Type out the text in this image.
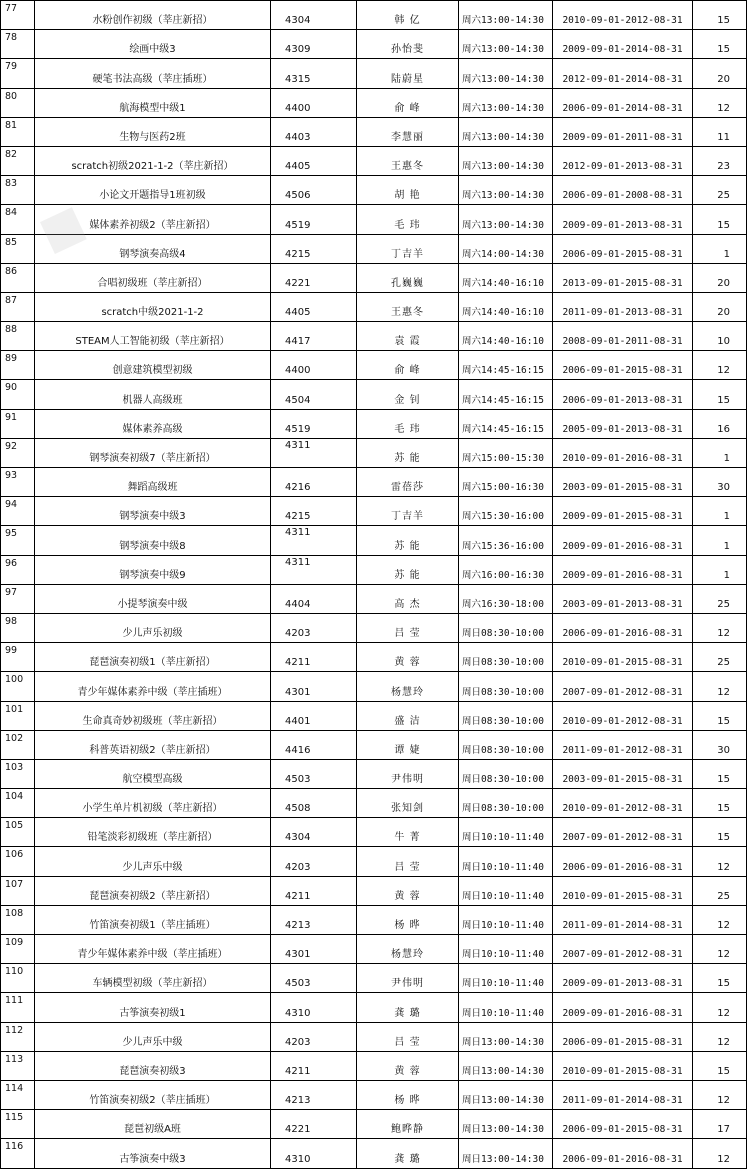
77	水粉创作初级（莘庄新招）	4304	韩 亿	周六13:00-14:30	2010-09-01-2012-08-31	15
78	绘画中级3	4309	孙怡斐	周六13:00-14:30	2009-09-01-2014-08-31	15
79	硬笔书法高级（莘庄插班）	4315	陆蔚星	周六13:00-14:30	2012-09-01-2014-08-31	20
80	航海模型中级1	4400	俞 峰	周六13:00-14:30	2006-09-01-2014-08-31	12
81	生物与医药2班	4403	李慧丽	周六13:00-14:30	2009-09-01-2011-08-31	11
82	scratch初级2021-1-2（莘庄新招）	4405	王惠冬	周六13:00-14:30	2012-09-01-2013-08-31	23
83	小论文开题指导1班初级	4506	胡 艳	周六13:00-14:30	2006-09-01-2008-08-31	25
84	媒体素养初级2（莘庄新招）	4519	毛 玮	周六13:00-14:30	2009-09-01-2013-08-31	15
85	钢琴演奏高级4	4215	丁吉羊	周六14:00-14:30	2006-09-01-2015-08-31	1
86	合唱初级班（莘庄新招）	4221	孔巍巍	周六14:40-16:10	2013-09-01-2015-08-31	20
87	scratch中级2021-1-2	4405	王惠冬	周六14:40-16:10	2011-09-01-2013-08-31	20
88	STEAM人工智能初级（莘庄新招）	4417	袁 霞	周六14:40-16:10	2008-09-01-2011-08-31	10
89	创意建筑模型初级	4400	俞 峰	周六14:45-16:15	2006-09-01-2015-08-31	12
90	机器人高级班	4504	金 钊	周六14:45-16:15	2006-09-01-2013-08-31	15
91	媒体素养高级	4519	毛 玮	周六14:45-16:15	2005-09-01-2013-08-31	16
92	钢琴演奏初级7（莘庄新招）	4311	苏 能	周六15:00-15:30	2010-09-01-2016-08-31	1
93	舞蹈高级班	4216	雷蓓莎	周六15:00-16:30	2003-09-01-2015-08-31	30
94	钢琴演奏中级3	4215	丁吉羊	周六15:30-16:00	2009-09-01-2015-08-31	1
95	钢琴演奏中级8	4311	苏 能	周六15:36-16:00	2009-09-01-2016-08-31	1
96	钢琴演奏中级9	4311	苏 能	周六16:00-16:30	2009-09-01-2016-08-31	1
97	小提琴演奏中级	4404	高 杰	周六16:30-18:00	2003-09-01-2013-08-31	25
98	少儿声乐初级	4203	吕 莹	周日08:30-10:00	2006-09-01-2016-08-31	12
99	琵琶演奏初级1（莘庄新招）	4211	黄 蓉	周日08:30-10:00	2010-09-01-2015-08-31	25
100	青少年媒体素养中级（莘庄插班）	4301	杨慧玲	周日08:30-10:00	2007-09-01-2012-08-31	12
101	生命真奇妙初级班（莘庄新招）	4401	盛 洁	周日08:30-10:00	2010-09-01-2012-08-31	15
102	科普英语初级2（莘庄新招）	4416	谭 婕	周日08:30-10:00	2011-09-01-2012-08-31	30
103	航空模型高级	4503	尹伟明	周日08:30-10:00	2003-09-01-2015-08-31	15
104	小学生单片机初级（莘庄新招）	4508	张知剑	周日08:30-10:00	2010-09-01-2012-08-31	15
105	铅笔淡彩初级班（莘庄新招）	4304	牛 菁	周日10:10-11:40	2007-09-01-2012-08-31	15
106	少儿声乐中级	4203	吕 莹	周日10:10-11:40	2006-09-01-2016-08-31	12
107	琵琶演奏初级2（莘庄新招）	4211	黄 蓉	周日10:10-11:40	2010-09-01-2015-08-31	25
108	竹笛演奏初级1（莘庄插班）	4213	杨 晔	周日10:10-11:40	2011-09-01-2014-08-31	12
109	青少年媒体素养中级（莘庄插班）	4301	杨慧玲	周日10:10-11:40	2007-09-01-2012-08-31	12
110	车辆模型初级（莘庄新招）	4503	尹伟明	周日10:10-11:40	2009-09-01-2013-08-31	15
111	古筝演奏初级1	4310	龚 璐	周日10:10-11:40	2009-09-01-2016-08-31	12
112	少儿声乐中级	4203	吕 莹	周日13:00-14:30	2006-09-01-2015-08-31	12
113	琵琶演奏初级3	4211	黄 蓉	周日13:00-14:30	2010-09-01-2015-08-31	15
114	竹笛演奏初级2（莘庄插班）	4213	杨 晔	周日13:00-14:30	2011-09-01-2014-08-31	12
115	琵琶初级A班	4221	鲍晔静	周日13:00-14:30	2006-09-01-2015-08-31	17
116	古筝演奏中级3	4310	龚 璐	周日13:00-14:30	2006-09-01-2016-08-31	12
■
